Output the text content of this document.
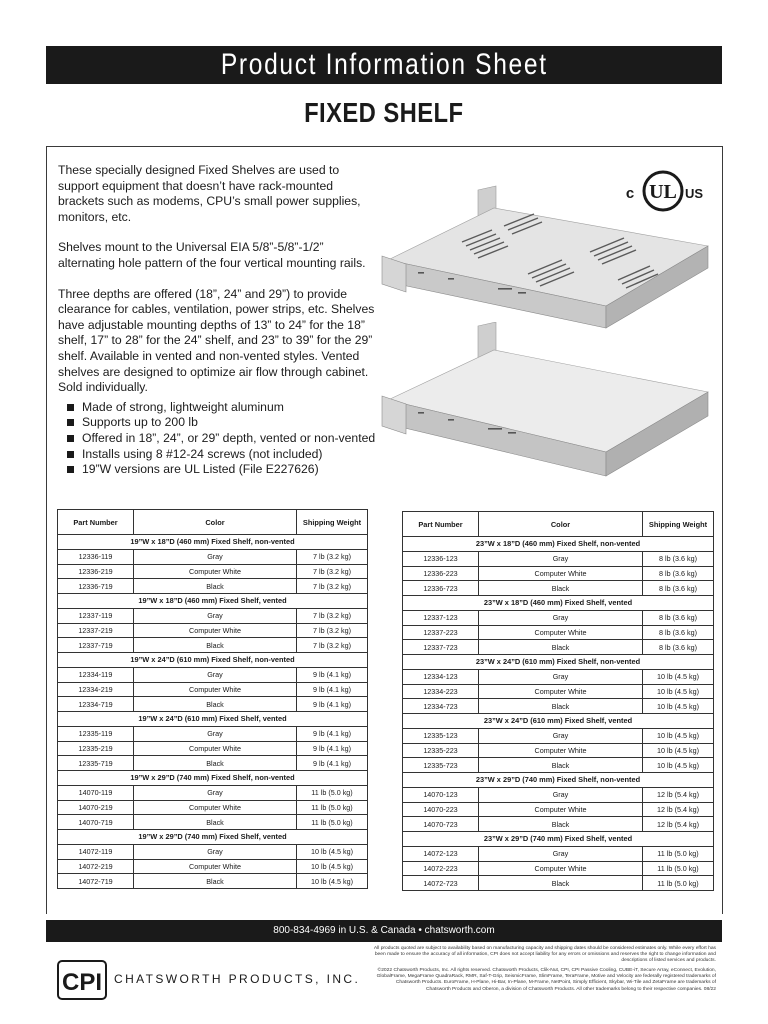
Product Information Sheet
FIXED SHELF

These specially designed Fixed Shelves are used to support equipment that doesn’t have rack-mounted brackets such as modems, CPU’s small power supplies, monitors, etc.

Shelves mount to the Universal EIA 5/8”-5/8”-1/2” alternating hole pattern of the four vertical mounting rails.

Three depths are offered (18”, 24” and 29”) to provide clearance for cables, ventilation, power strips, etc. Shelves have adjustable mounting depths of 13” to 24” for the 18” shelf, 17” to 28” for the 24” shelf, and 23” to 39” for the 29” shelf. Available in vented and non-vented styles. Vented shelves are designed to optimize air flow through cabinet. Sold individually.

Made of strong, lightweight aluminum
Supports up to 200 lb
Offered in 18”, 24”, or 29” depth, vented or non-vented
Installs using 8 #12-24 screws (not included)
19”W versions are UL Listed (File E227626)
UL
c	US
Part Number	Color	Shipping Weight
19”W x 18”D (460 mm) Fixed Shelf, non-vented		
12336-119	Gray	7 lb (3.2 kg)
12336-219	Computer White	7 lb (3.2 kg)
12336-719	Black	7 lb (3.2 kg)
19”W x 18”D (460 mm) Fixed Shelf, vented		
12337-119	Gray	7 lb (3.2 kg)
12337-219	Computer White	7 lb (3.2 kg)
12337-719	Black	7 lb (3.2 kg)
19”W x 24”D (610 mm) Fixed Shelf, non-vented		
12334-119	Gray	9 lb (4.1 kg)
12334-219	Computer White	9 lb (4.1 kg)
12334-719	Black	9 lb (4.1 kg)
19”W x 24”D (610 mm) Fixed Shelf, vented		
12335-119	Gray	9 lb (4.1 kg)
12335-219	Computer White	9 lb (4.1 kg)
12335-719	Black	9 lb (4.1 kg)
19”W x 29”D (740 mm) Fixed Shelf, non-vented		
14070-119	Gray	11 lb (5.0 kg)
14070-219	Computer White	11 lb (5.0 kg)
14070-719	Black	11 lb (5.0 kg)
19”W x 29”D (740 mm) Fixed Shelf, vented		
14072-119	Gray	10 lb (4.5 kg)
14072-219	Computer White	10 lb (4.5 kg)
14072-719	Black	10 lb (4.5 kg)
Part Number	Color	Shipping Weight
23”W x 18”D (460 mm) Fixed Shelf, non-vented		
12336-123	Gray	8 lb (3.6 kg)
12336-223	Computer White	8 lb (3.6 kg)
12336-723	Black	8 lb (3.6 kg)
23”W x 18”D (460 mm) Fixed Shelf, vented		
12337-123	Gray	8 lb (3.6 kg)
12337-223	Computer White	8 lb (3.6 kg)
12337-723	Black	8 lb (3.6 kg)
23”W x 24”D (610 mm) Fixed Shelf, non-vented		
12334-123	Gray	10 lb (4.5 kg)
12334-223	Computer White	10 lb (4.5 kg)
12334-723	Black	10 lb (4.5 kg)
23”W x 24”D (610 mm) Fixed Shelf, vented		
12335-123	Gray	10 lb (4.5 kg)
12335-223	Computer White	10 lb (4.5 kg)
12335-723	Black	10 lb (4.5 kg)
23”W x 29”D (740 mm) Fixed Shelf, non-vented		
14070-123	Gray	12 lb (5.4 kg)
14070-223	Computer White	12 lb (5.4 kg)
14070-723	Black	12 lb (5.4 kg)
23”W x 29”D (740 mm) Fixed Shelf, vented		
14072-123	Gray	11 lb (5.0 kg)
14072-223	Computer White	11 lb (5.0 kg)
14072-723	Black	11 lb (5.0 kg)
800-834-4969 in U.S. & Canada • chatsworth.com
CPI CHATSWORTH PRODUCTS, INC.

All products quoted are subject to availability based on manufacturing capacity and shipping dates should be considered estimates only. While every effort has been made to ensure the accuracy of all information, CPI does not accept liability for any errors or omissions and reserves the right to change information and descriptions of listed services and products.

©2022 Chatsworth Products, Inc. All rights reserved. Chatsworth Products, Clik-Nut, CPI, CPI Passive Cooling, CUBE-iT, Secure Array, eConnect, Evolution, GlobalFrame, MegaFrame QuadraRack, RMR, Saf-T-Grip, SeismicFrame, SlimFrame, TeraFrame, Motive and Velocity are federally registered trademarks of Chatsworth Products. EuroFrame, H-Plane, Hi-Bar, In-Plane, M-Frame, NetPoint, Simply Efficient, Skybar, Wi-Tile and ZetaFrame are trademarks of Chatsworth Products and Oberon, a division of Chatsworth Products. All other trademarks belong to their respective companies. 08/22
